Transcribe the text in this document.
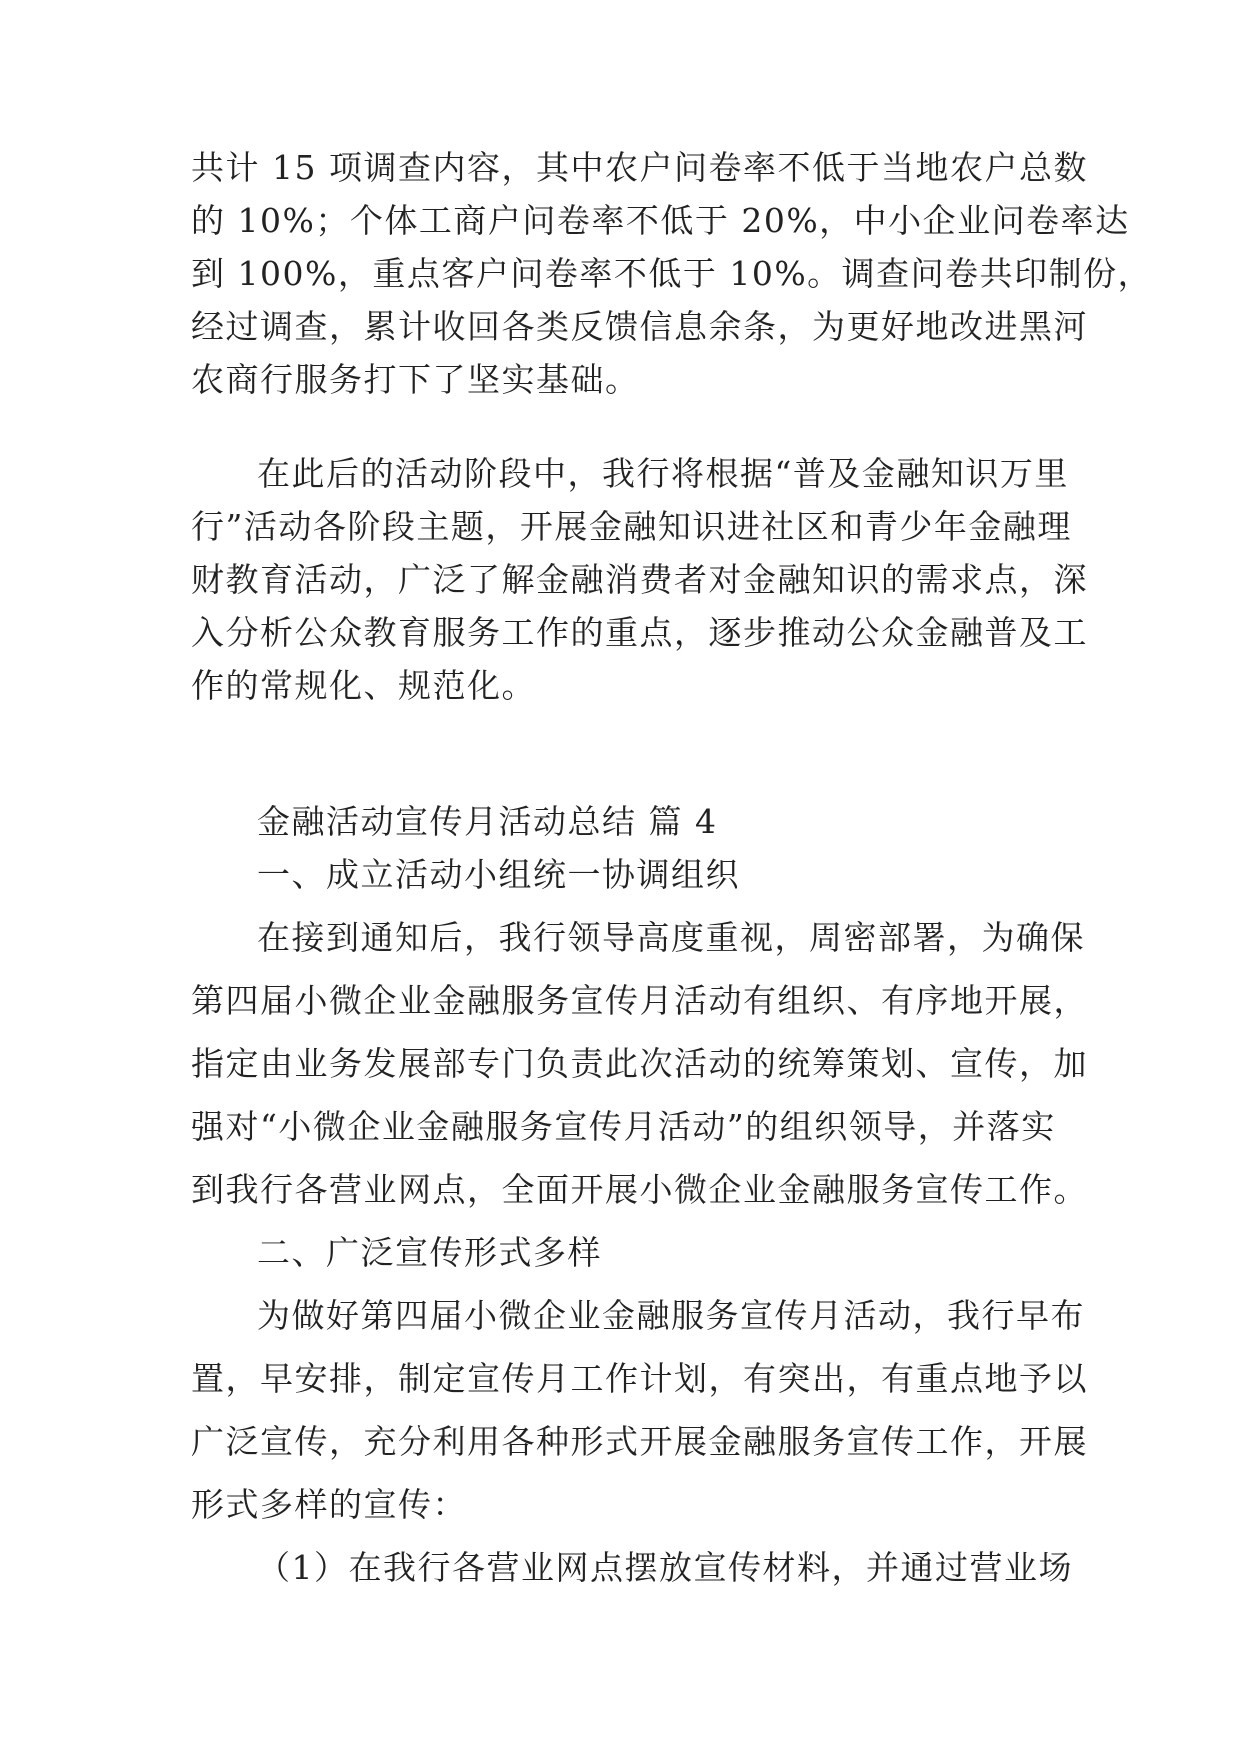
共计 15 项调查内容，其中农户问卷率不低于当地农户总数
的 10%；个体工商户问卷率不低于 20%，中小企业问卷率达
到 100%，重点客户问卷率不低于 10%。调查问卷共印制份，
经过调查，累计收回各类反馈信息余条，为更好地改进黑河
农商行服务打下了坚实基础。
在此后的活动阶段中，我行将根据“普及金融知识万里
行”活动各阶段主题，开展金融知识进社区和青少年金融理
财教育活动，广泛了解金融消费者对金融知识的需求点，深
入分析公众教育服务工作的重点，逐步推动公众金融普及工
作的常规化、规范化。
金融活动宣传月活动总结 篇 4
一、成立活动小组统一协调组织
在接到通知后，我行领导高度重视，周密部署，为确保
第四届小微企业金融服务宣传月活动有组织、有序地开展，
指定由业务发展部专门负责此次活动的统筹策划、宣传，加
强对“小微企业金融服务宣传月活动”的组织领导，并落实
到我行各营业网点，全面开展小微企业金融服务宣传工作。
二、广泛宣传形式多样
为做好第四届小微企业金融服务宣传月活动，我行早布
置，早安排，制定宣传月工作计划，有突出，有重点地予以
广泛宣传，充分利用各种形式开展金融服务宣传工作，开展
形式多样的宣传：
（1）在我行各营业网点摆放宣传材料，并通过营业场
